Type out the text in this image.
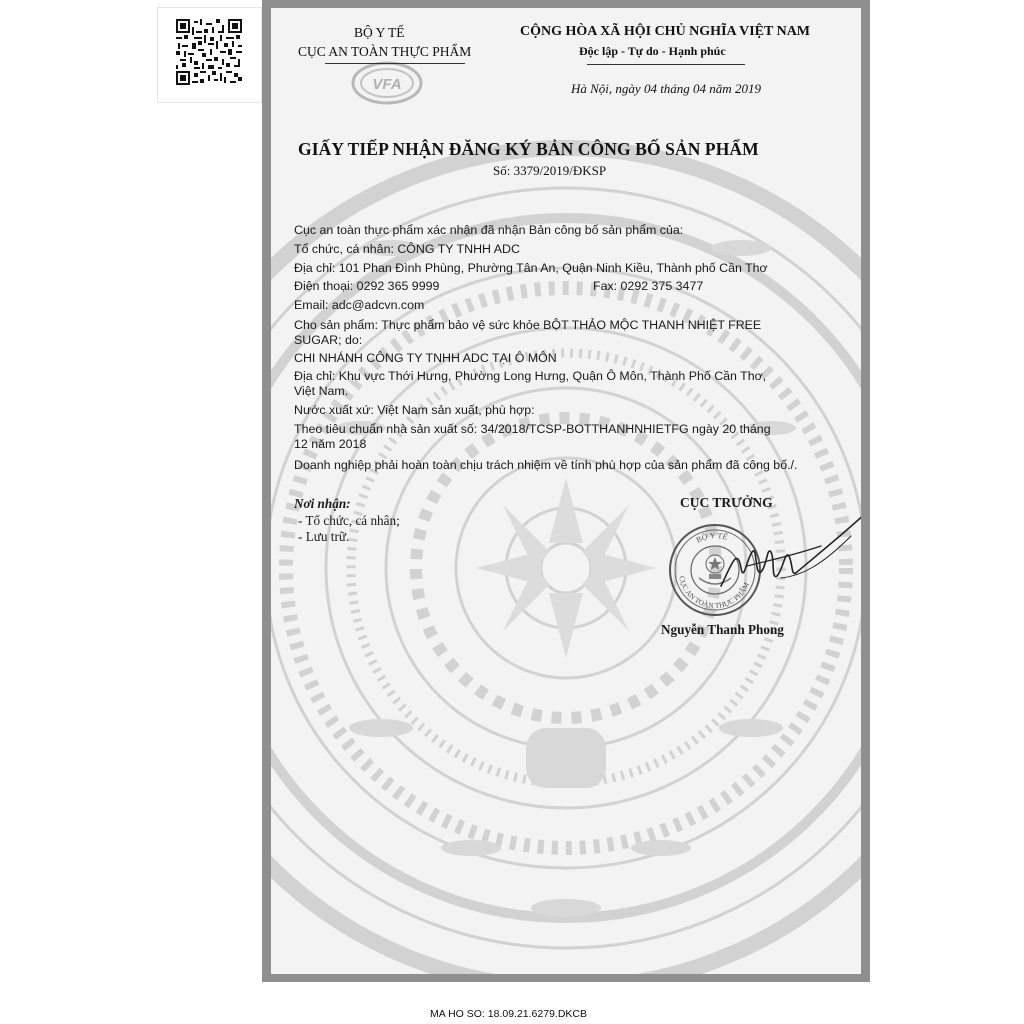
VFA
BỘ Y TẾ
CỤC AN TOÀN THỰC PHẨM
CỘNG HÒA XÃ HỘI CHỦ NGHĨA VIỆT NAM
Độc lập - Tự do - Hạnh phúc
Hà Nội, ngày 04 tháng 04 năm 2019
GIẤY TIẾP NHẬN ĐĂNG KÝ BẢN CÔNG BỐ SẢN PHẨM
Số: 3379/2019/ĐKSP
Cục an toàn thực phẩm xác nhận đã nhận Bản công bố sản phẩm của:
Tổ chức, cá nhân: CÔNG TY TNHH ADC
Địa chỉ: 101 Phan Đình Phùng, Phường Tân An, Quận Ninh Kiều, Thành phố Cần Thơ
Điện thoại: 0292 365 9999	Fax: 0292 375 3477
Email: adc@adcvn.com
Cho sản phẩm: Thực phẩm bảo vệ sức khỏe BỘT THẢO MỘC THANH NHIỆT FREE
SUGAR; do:
CHI NHÁNH CÔNG TY TNHH ADC TẠI Ô MÔN
Địa chỉ: Khu vực Thới Hưng, Phường Long Hưng, Quận Ô Môn, Thành Phố Cần Thơ,
Việt Nam.
Nước xuất xứ: Việt Nam sản xuất, phù hợp:
Theo tiêu chuẩn nhà sản xuất số: 34/2018/TCSP-BOTTHANHNHIETFG ngày 20 tháng
12 năm 2018
Doanh nghiệp phải hoàn toàn chịu trách nhiệm về tính phù hợp của sản phẩm đã công bố./.
Nơi nhận:
- Tổ chức, cá nhân;
- Lưu trữ.
CỤC TRƯỞNG
BỘ Y TẾ
CỤC AN TOÀN THỰC PHẨM
Nguyễn Thanh Phong
MA HO SO: 18.09.21.6279.DKCB
